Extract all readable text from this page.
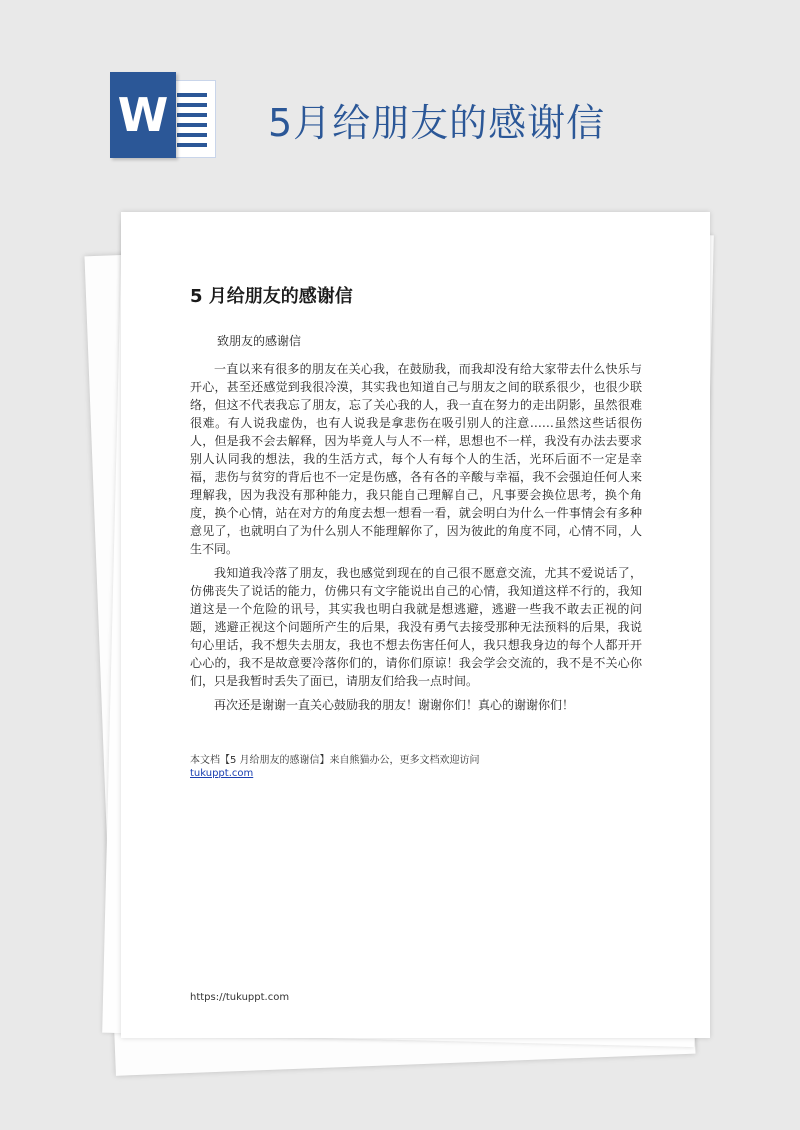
W	5月给朋友的感谢信
5 月给朋友的感谢信
致朋友的感谢信

一直以来有很多的朋友在关心我，在鼓励我，而我却没有给大家带去什么快乐与开心，甚至还感觉到我很冷漠，其实我也知道自己与朋友之间的联系很少，也很少联络，但这不代表我忘了朋友，忘了关心我的人，我一直在努力的走出阴影，虽然很难很难。有人说我虚伪，也有人说我是拿悲伤在吸引别人的注意……虽然这些话很伤人，但是我不会去解释，因为毕竟人与人不一样，思想也不一样，我没有办法去要求别人认同我的想法，我的生活方式，每个人有每个人的生活，光环后面不一定是幸福，悲伤与贫穷的背后也不一定是伤感，各有各的辛酸与幸福，我不会强迫任何人来理解我，因为我没有那种能力，我只能自己理解自己，凡事要会换位思考，换个角度，换个心情，站在对方的角度去想一想看一看，就会明白为什么一件事情会有多种意见了，也就明白了为什么别人不能理解你了，因为彼此的角度不同，心情不同，人生不同。

我知道我冷落了朋友，我也感觉到现在的自己很不愿意交流，尤其不爱说话了，仿佛丧失了说话的能力，仿佛只有文字能说出自己的心情，我知道这样不行的，我知道这是一个危险的讯号，其实我也明白我就是想逃避，逃避一些我不敢去正视的问题，逃避正视这个问题所产生的后果，我没有勇气去接受那种无法预料的后果，我说句心里话，我不想失去朋友，我也不想去伤害任何人，我只想我身边的每个人都开开心心的，我不是故意要冷落你们的，请你们原谅！我会学会交流的，我不是不关心你们，只是我暂时丢失了面已，请朋友们给我一点时间。

再次还是谢谢一直关心鼓励我的朋友！谢谢你们！真心的谢谢你们！

本文档【5 月给朋友的感谢信】来自熊猫办公，更多文档欢迎访问
tukuppt.com
https://tukuppt.com
